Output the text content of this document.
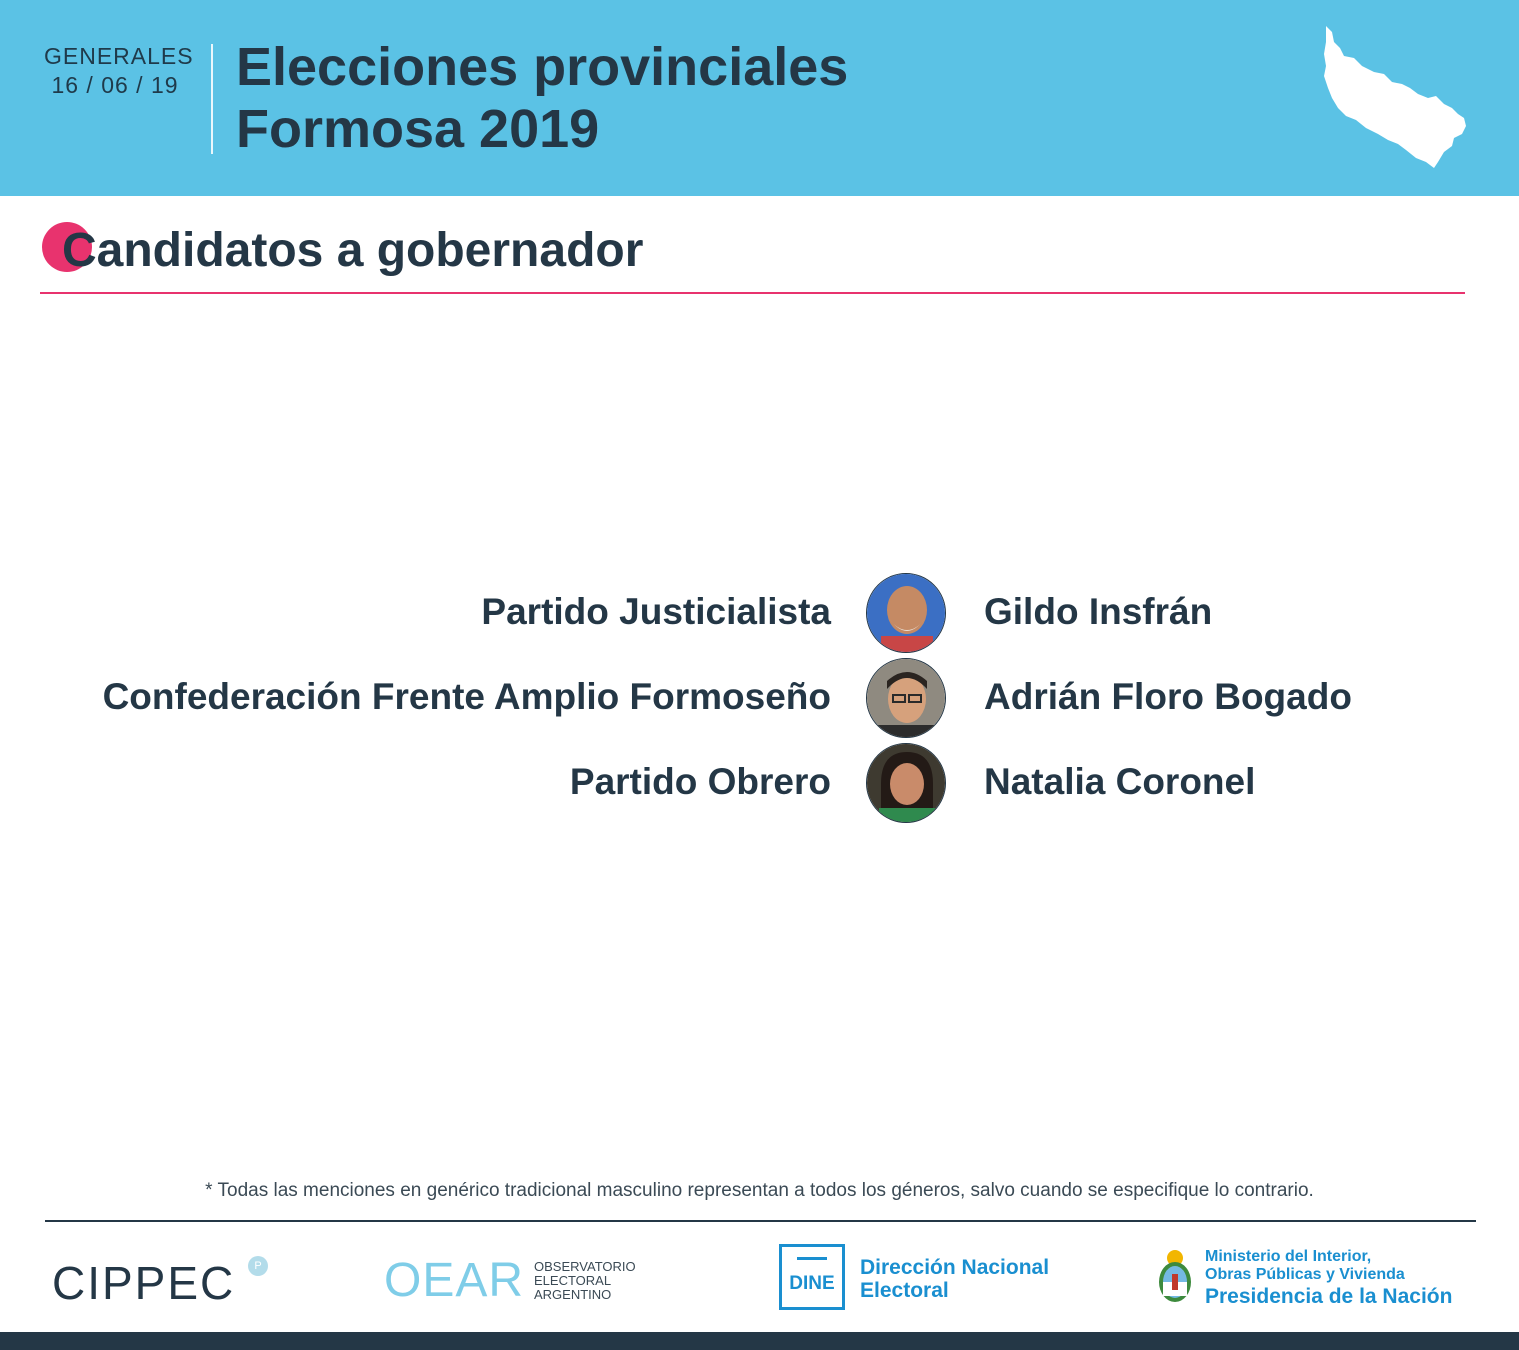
GENERALES
16 / 06 / 19 Elecciones provinciales
Formosa 2019
Candidatos a gobernador
Partido Justicialista	Gildo Insfrán
Confederación Frente Amplio Formoseño	Adrián Floro Bogado
Partido Obrero	Natalia Coronel
* Todas las menciones en genérico tradicional masculino representan a todos los géneros, salvo cuando se especifique lo contrario.
CIPPEC	P	OEAR OBSERVATORIO
ELECTORAL
ARGENTINO
DINE
Dirección Nacional
Electoral
Ministerio del Interior,
Obras Públicas y Vivienda
Presidencia de la Nación
